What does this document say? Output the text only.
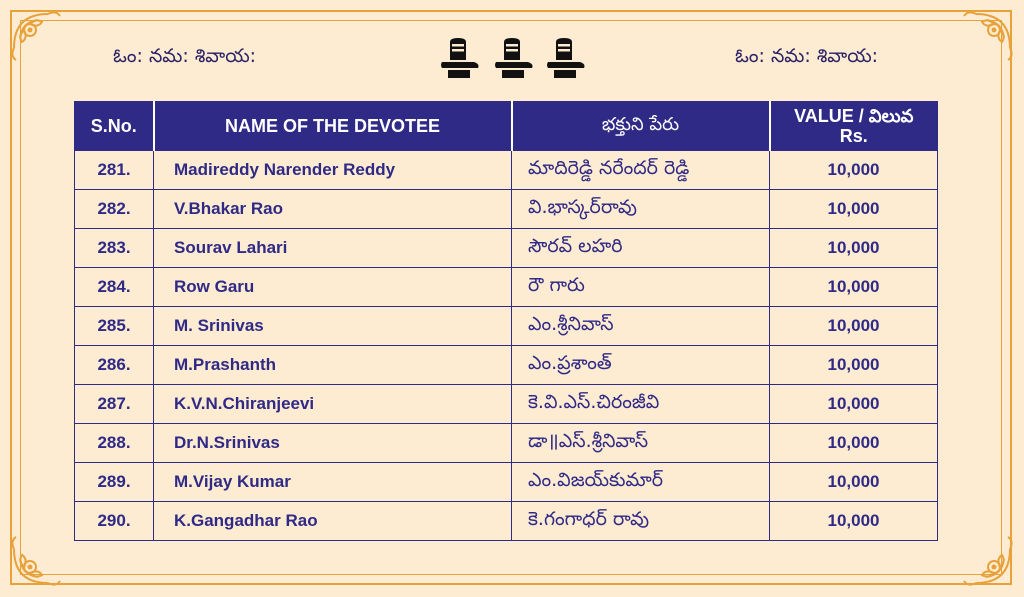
ఓం: నమ: శివాయ:	ఓం: నమ: శివాయ:
S.No.	NAME OF THE DEVOTEE	భక్తుని పేరు	VALUE / విలువ
Rs.

281.	Madireddy Narender Reddy	మాదిరెడ్డి నరేందర్ రెడ్డి	10,000
282.	V.Bhakar Rao	వి.భాస్కర్‌రావు	10,000
283.	Sourav Lahari	సౌరవ్ లహరి	10,000
284.	Row Garu	రౌ గారు	10,000
285.	M. Srinivas	ఎం.శ్రీనివాస్	10,000
286.	M.Prashanth	ఎం.ప్రశాంత్	10,000
287.	K.V.N.Chiranjeevi	కె.వి.ఎస్.చిరంజీవి	10,000
288.	Dr.N.Srinivas	డా॥ఎస్.శ్రీనివాస్	10,000
289.	M.Vijay Kumar	ఎం.విజయ్‌కుమార్	10,000
290.	K.Gangadhar Rao	కె.గంగాధర్ రావు	10,000
